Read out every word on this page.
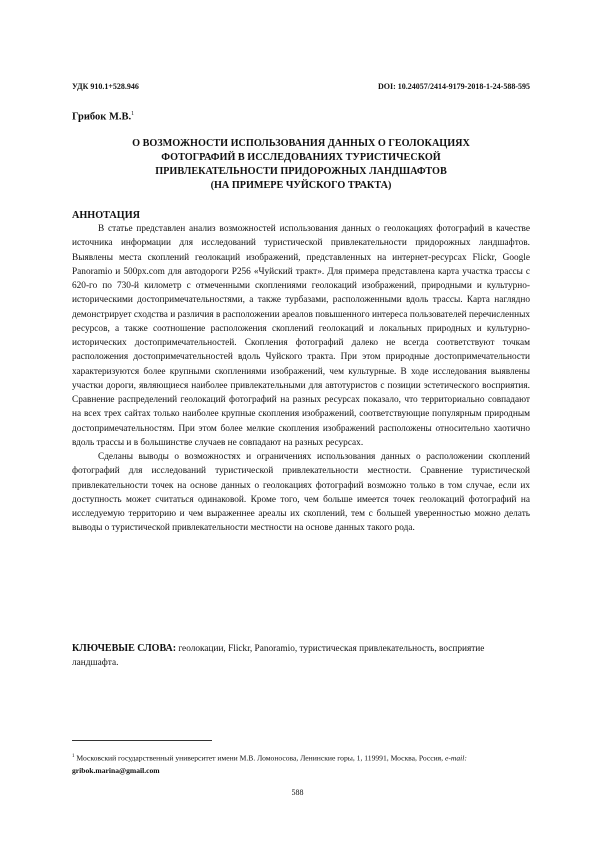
УДК 910.1+528.946	DOI: 10.24057/2414-9179-2018-1-24-588-595
Грибок М.В.$^1$
О ВОЗМОЖНОСТИ ИСПОЛЬЗОВАНИЯ ДАННЫХ О ГЕОЛОКАЦИЯХ
ФОТОГРАФИЙ В ИССЛЕДОВАНИЯХ ТУРИСТИЧЕСКОЙ
ПРИВЛЕКАТЕЛЬНОСТИ ПРИДОРОЖНЫХ ЛАНДШАФТОВ
(НА ПРИМЕРЕ ЧУЙСКОГО ТРАКТА)
АННОТАЦИЯ

В статье представлен анализ возможностей использования данных о геолокациях фотографий в качестве источника информации для исследований туристической привлекательности придорожных ландшафтов. Выявлены места скоплений геолокаций изображений, представленных на интернет-ресурсах Flickr, Google Panoramio и 500px.com для автодороги Р256 «Чуйский тракт». Для примера представлена карта участка трассы с 620-го по 730-й километр с отмеченными скоплениями геолокаций изображений, природными и культурно-историческими достопримечательностями, а также турбазами, расположенными вдоль трассы. Карта наглядно демонстрирует сходства и различия в расположении ареалов повышенного интереса пользователей перечисленных ресурсов, а также соотношение расположения скоплений геолокаций и локальных природных и культурно-исторических достопримечательностей. Скопления фотографий далеко не всегда соответствуют точкам расположения достопримечательностей вдоль Чуйского тракта. При этом природные достопримечательности характеризуются более крупными скоплениями изображений, чем культурные. В ходе исследования выявлены участки дороги, являющиеся наиболее привлекательными для автотуристов с позиции эстетического восприятия. Сравнение распределений геолокаций фотографий на разных ресурсах показало, что территориально совпадают на всех трех сайтах только наиболее крупные скопления изображений, соответствующие популярным природным достопримечательностям. При этом более мелкие скопления изображений расположены относительно хаотично вдоль трассы и в большинстве случаев не совпадают на разных ресурсах.

Сделаны выводы о возможностях и ограничениях использования данных о расположении скоплений фотографий для исследований туристической привлекательности местности. Сравнение туристической привлекательности точек на основе данных о геолокациях фотографий возможно только в том случае, если их доступность может считаться одинаковой. Кроме того, чем больше имеется точек геолокаций фотографий на исследуемую территорию и чем выраженнее ареалы их скоплений, тем с большей уверенностью можно делать выводы о туристической привлекательности местности на основе данных такого рода.

КЛЮЧЕВЫЕ СЛОВА: геолокации, Flickr, Panoramio, туристическая привлекательность, восприятие ландшафта.

$^1$ Московский государственный университет имени М.В. Ломоносова, Ленинские горы, 1, 119991, Москва, Россия, e-mail: gribok.marina@gmail.com
588
